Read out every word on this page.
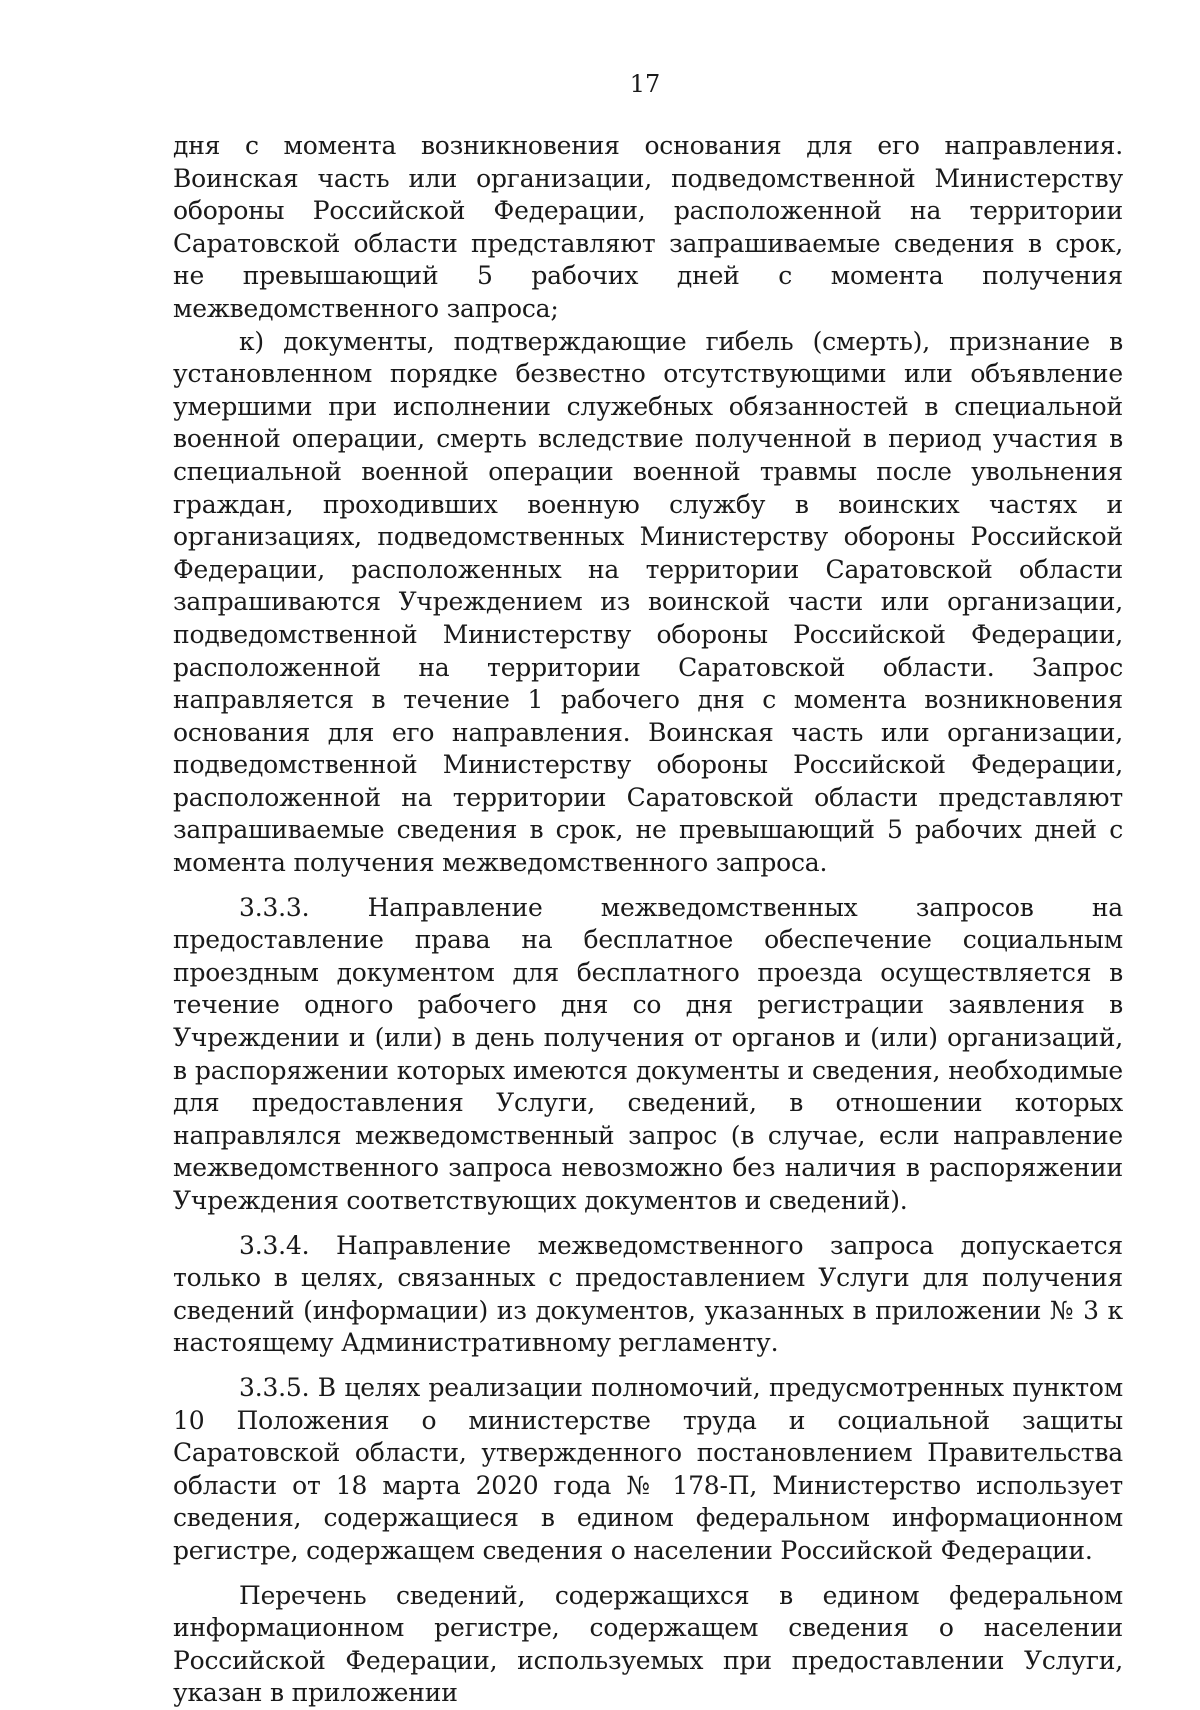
17

дня с момента возникновения основания для его направления. Воинская часть или организации, подведомственной Министерству обороны Российской Федерации, расположенной на территории Саратовской области представляют запрашиваемые сведения в срок, не превышающий 5 рабочих дней с момента получения межведомственного запроса;

к) документы, подтверждающие гибель (смерть), признание в установленном порядке безвестно отсутствующими или объявление умершими при исполнении служебных обязанностей в специальной военной операции, смерть вследствие полученной в период участия в специальной военной операции военной травмы после увольнения граждан, проходивших военную службу в воинских частях и организациях, подведомственных Министерству обороны Российской Федерации, расположенных на территории Саратовской области запрашиваются Учреждением из воинской части или организации, подведомственной Министерству обороны Российской Федерации, расположенной на территории Саратовской области. Запрос направляется в течение 1 рабочего дня с момента возникновения основания для его направления. Воинская часть или организации, подведомственной Министерству обороны Российской Федерации, расположенной на территории Саратовской области представляют запрашиваемые сведения в срок, не превышающий 5 рабочих дней с момента получения межведомственного запроса.

3.3.3. Направление межведомственных запросов на предоставление права на бесплатное обеспечение социальным проездным документом для бесплатного проезда осуществляется в течение одного рабочего дня со дня регистрации заявления в Учреждении и (или) в день получения от органов и (или) организаций, в распоряжении которых имеются документы и сведения, необходимые для предоставления Услуги, сведений, в отношении которых направлялся межведомственный запрос (в случае, если направление межведомственного запроса невозможно без наличия в распоряжении Учреждения соответствующих документов и сведений).

3.3.4. Направление межведомственного запроса допускается только в целях, связанных с предоставлением Услуги для получения сведений (информации) из документов, указанных в приложении № 3 к настоящему Административному регламенту.

3.3.5. В целях реализации полномочий, предусмотренных пунктом 10 Положения о министерстве труда и социальной защиты Саратовской области, утвержденного постановлением Правительства области от 18 марта 2020 года № 178-П, Министерство использует сведения, содержащиеся в едином федеральном информационном регистре, содержащем сведения о населении Российской Федерации.

Перечень сведений, содержащихся в едином федеральном информационном регистре, содержащем сведения о населении Российской Федерации, используемых при предоставлении Услуги, указан в приложении
